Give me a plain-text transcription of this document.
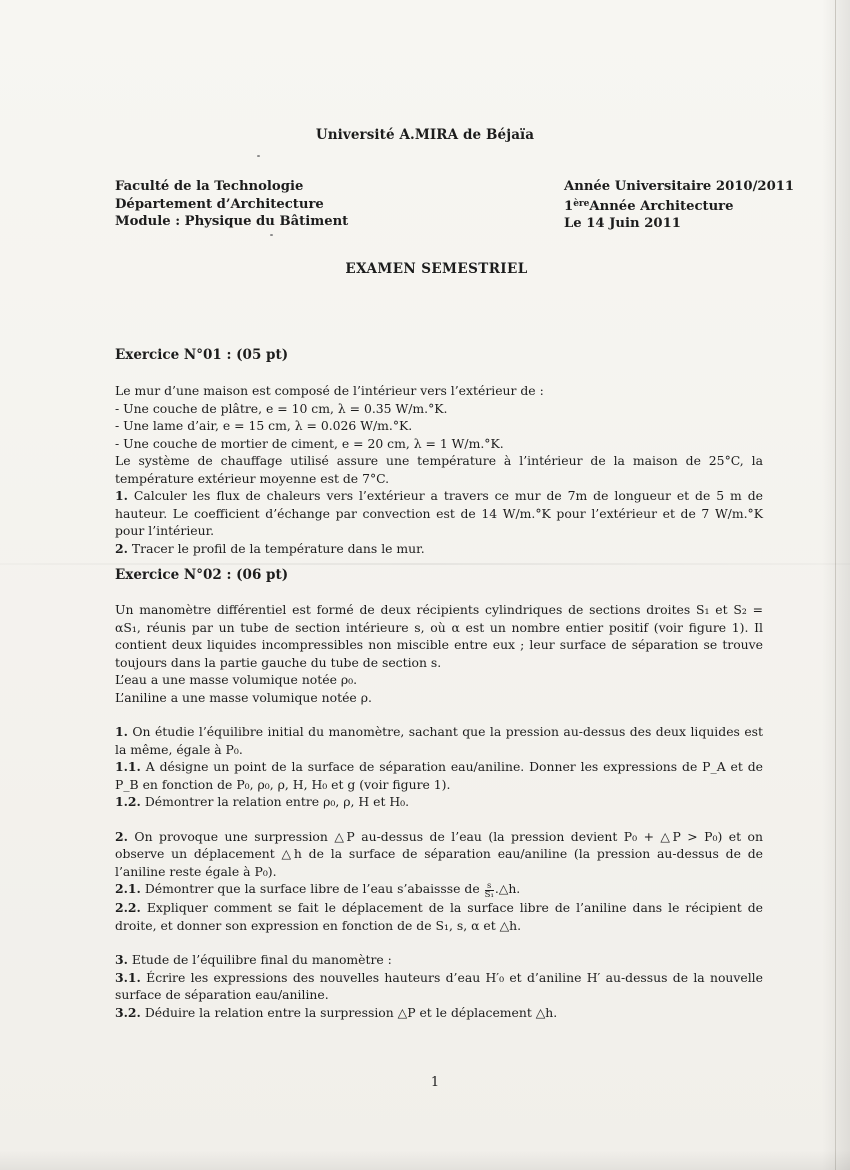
Université A.MIRA de Béjaïa
Faculté de la Technologie
Département d’Architecture
Module : Physique du Bâtiment
Année Universitaire 2010/2011
1èreAnnée Architecture
Le 14 Juin 2011
EXAMEN SEMESTRIEL
Exercice N°01 : (05 pt)

Le mur d’une maison est composé de l’intérieur vers l’extérieur de :

- Une couche de plâtre, e = 10 cm, λ = 0.35 W/m.°K.

- Une lame d’air, e = 15 cm, λ = 0.026 W/m.°K.

- Une couche de mortier de ciment, e = 20 cm, λ = 1 W/m.°K.

Le système de chauffage utilisé assure une température à l’intérieur de la maison de 25°C, la température extérieur moyenne est de 7°C.

1. Calculer les flux de chaleurs vers l’extérieur a travers ce mur de 7m de longueur et de 5 m de hauteur. Le coefficient d’échange par convection est de 14 W/m.°K pour l’extérieur et de 7 W/m.°K pour l’intérieur.

2. Tracer le profil de la température dans le mur.

Exercice N°02 : (06 pt)

Un manomètre différentiel est formé de deux récipients cylindriques de sections droites S₁ et S₂ = αS₁, réunis par un tube de section intérieure s, où α est un nombre entier positif (voir figure 1). Il contient deux liquides incompressibles non miscible entre eux ; leur surface de séparation se trouve toujours dans la partie gauche du tube de section s.

L’eau a une masse volumique notée ρ₀.

L’aniline a une masse volumique notée ρ.

1. On étudie l’équilibre initial du manomètre, sachant que la pression au-dessus des deux liquides est la même, égale à P₀.

1.1. A désigne un point de la surface de séparation eau/aniline. Donner les expressions de P_A et de P_B en fonction de P₀, ρ₀, ρ, H, H₀ et g (voir figure 1).

1.2. Démontrer la relation entre ρ₀, ρ, H et H₀.

2. On provoque une surpression △P au-dessus de l’eau (la pression devient P₀ + △P > P₀) et on observe un déplacement △h de la surface de séparation eau/aniline (la pression au-dessus de de l’aniline reste égale à P₀).

2.1. Démontrer que la surface libre de l’eau s’abaissse de $\frac{s}{\text{S₁}}$ .△h.

2.2. Expliquer comment se fait le déplacement de la surface libre de l’aniline dans le récipient de droite, et donner son expression en fonction de de S₁, s, α et △h.

3. Etude de l’équilibre final du manomètre :

3.1. Écrire les expressions des nouvelles hauteurs d’eau H′₀ et d’aniline H′ au-dessus de la nouvelle surface de séparation eau/aniline.

3.2. Déduire la relation entre la surpression △P et le déplacement △h.

1
